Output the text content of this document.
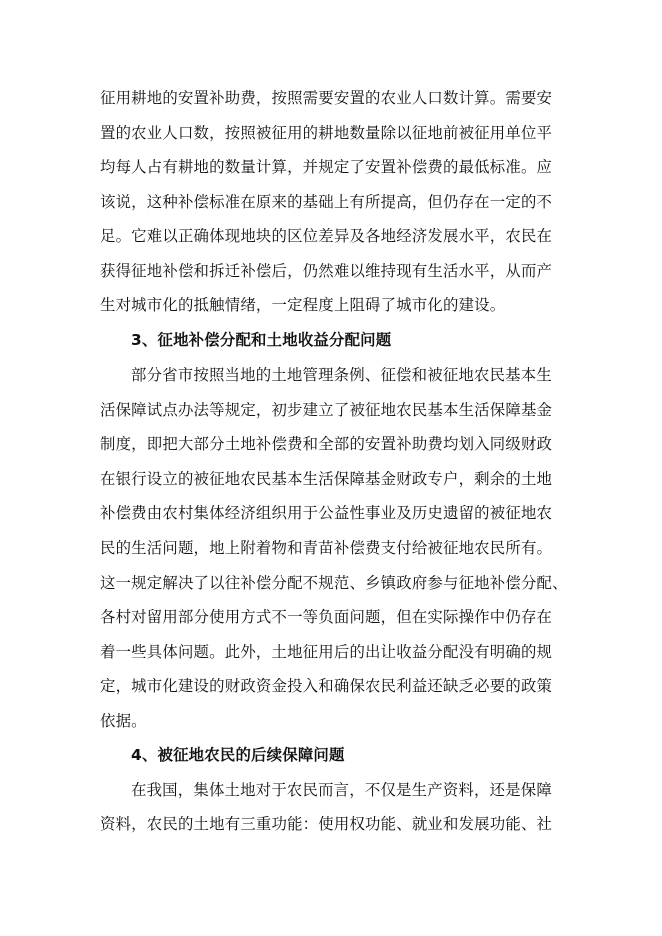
征用耕地的安置补助费，按照需要安置的农业人口数计算。需要安
置的农业人口数，按照被征用的耕地数量除以征地前被征用单位平
均每人占有耕地的数量计算，并规定了安置补偿费的最低标准。应
该说，这种补偿标准在原来的基础上有所提高，但仍存在一定的不
足。它难以正确体现地块的区位差异及各地经济发展水平，农民在
获得征地补偿和拆迁补偿后，仍然难以维持现有生活水平，从而产
生对城市化的抵触情绪，一定程度上阻碍了城市化的建设。
3、征地补偿分配和土地收益分配问题
部分省市按照当地的土地管理条例、征偿和被征地农民基本生
活保障试点办法等规定，初步建立了被征地农民基本生活保障基金
制度，即把大部分土地补偿费和全部的安置补助费均划入同级财政
在银行设立的被征地农民基本生活保障基金财政专户，剩余的土地
补偿费由农村集体经济组织用于公益性事业及历史遗留的被征地农
民的生活问题，地上附着物和青苗补偿费支付给被征地农民所有。
这一规定解决了以往补偿分配不规范、乡镇政府参与征地补偿分配、
各村对留用部分使用方式不一等负面问题，但在实际操作中仍存在
着一些具体问题。此外，土地征用后的出让收益分配没有明确的规
定，城市化建设的财政资金投入和确保农民利益还缺乏必要的政策
依据。
4、被征地农民的后续保障问题
在我国，集体土地对于农民而言，不仅是生产资料，还是保障
资料，农民的土地有三重功能：使用权功能、就业和发展功能、社
